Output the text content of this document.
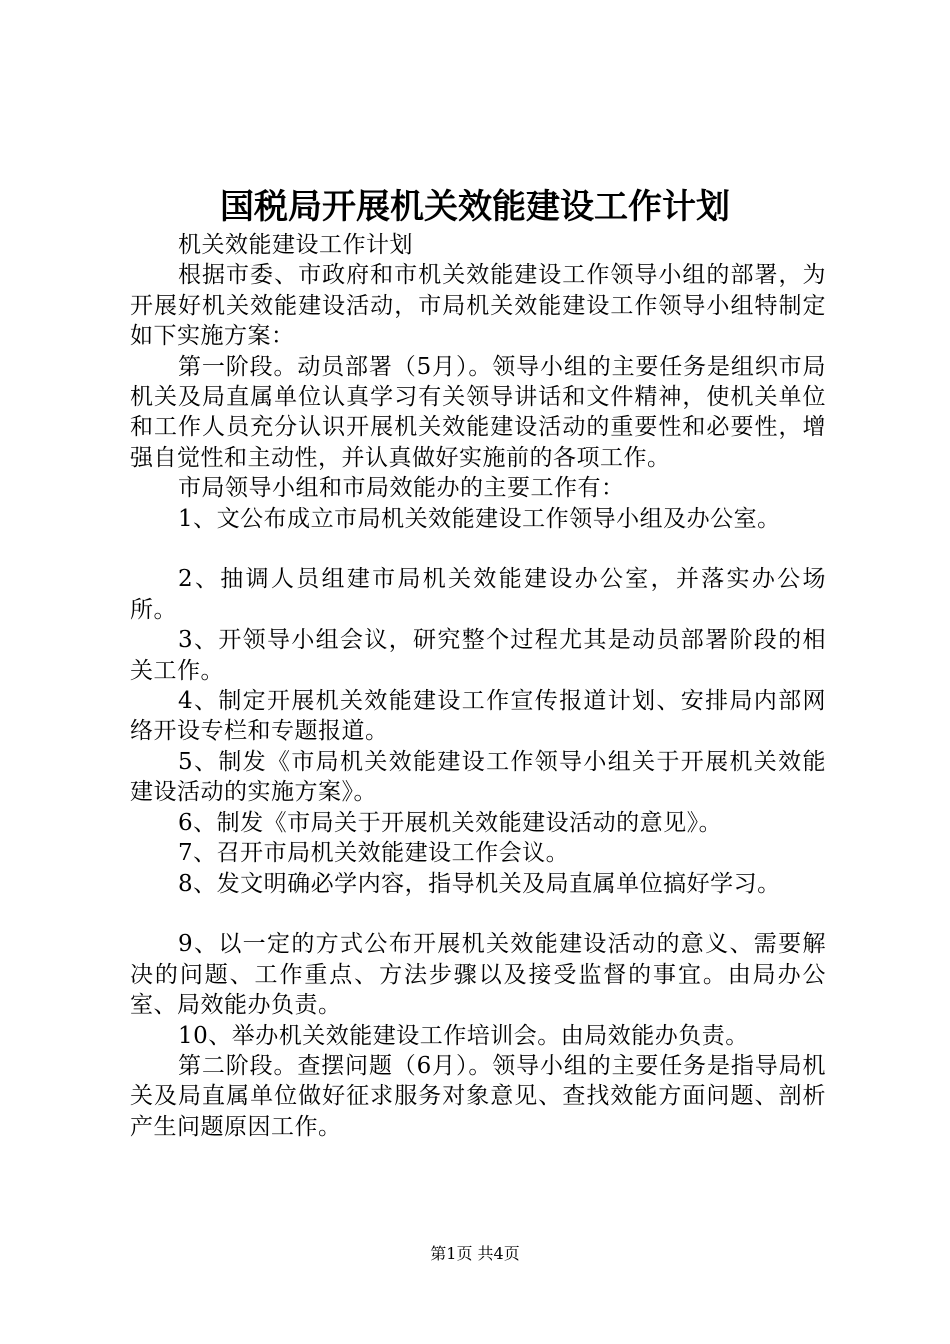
国税局开展机关效能建设工作计划

机关效能建设工作计划

根据市委、市政府和市机关效能建设工作领导小组的部署，为开展好机关效能建设活动，市局机关效能建设工作领导小组特制定如下实施方案：

第一阶段。动员部署（5月）。领导小组的主要任务是组织市局机关及局直属单位认真学习有关领导讲话和文件精神，使机关单位和工作人员充分认识开展机关效能建设活动的重要性和必要性，增强自觉性和主动性，并认真做好实施前的各项工作。

市局领导小组和市局效能办的主要工作有：

1、文公布成立市局机关效能建设工作领导小组及办公室。

2、抽调人员组建市局机关效能建设办公室，并落实办公场所。

3、开领导小组会议，研究整个过程尤其是动员部署阶段的相关工作。

4、制定开展机关效能建设工作宣传报道计划、安排局内部网络开设专栏和专题报道。

5、制发《市局机关效能建设工作领导小组关于开展机关效能建设活动的实施方案》。

6、制发《市局关于开展机关效能建设活动的意见》。

7、召开市局机关效能建设工作会议。

8、发文明确必学内容，指导机关及局直属单位搞好学习。

9、以一定的方式公布开展机关效能建设活动的意义、需要解决的问题、工作重点、方法步骤以及接受监督的事宜。由局办公室、局效能办负责。

10、举办机关效能建设工作培训会。由局效能办负责。

第二阶段。查摆问题（6月）。领导小组的主要任务是指导局机关及局直属单位做好征求服务对象意见、查找效能方面问题、剖析产生问题原因工作。

第1页 共4页
